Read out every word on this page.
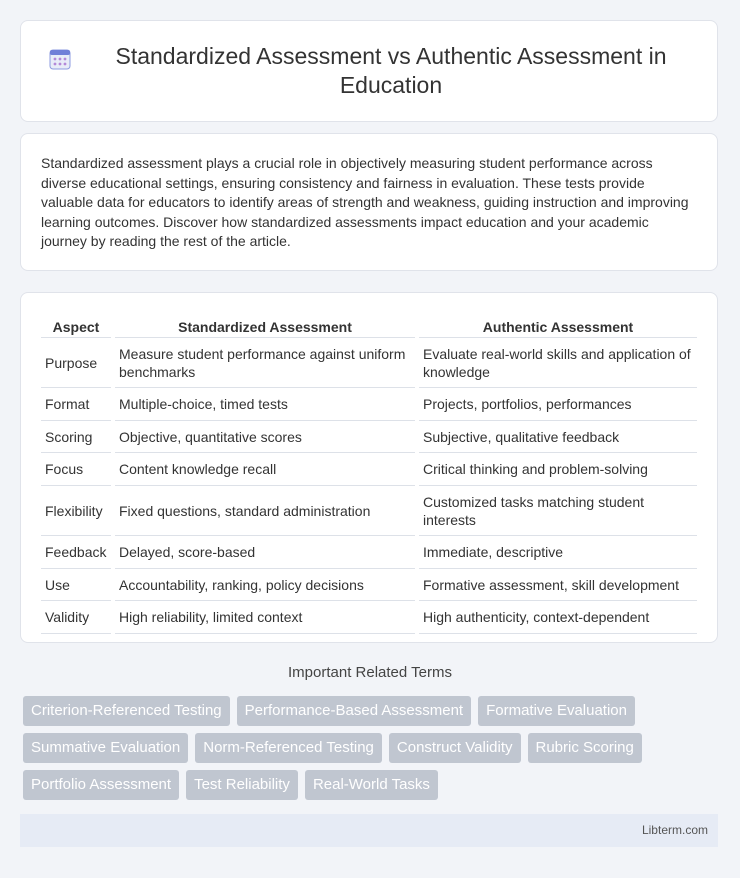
Standardized Assessment vs Authentic Assessment in Education

Standardized assessment plays a crucial role in objectively measuring student performance across diverse educational settings, ensuring consistency and fairness in evaluation. These tests provide valuable data for educators to identify areas of strength and weakness, guiding instruction and improving learning outcomes. Discover how standardized assessments impact education and your academic journey by reading the rest of the article.

Aspect	Standardized Assessment	Authentic Assessment
Purpose	Measure student performance against uniform benchmarks	Evaluate real-world skills and application of knowledge
Format	Multiple-choice, timed tests	Projects, portfolios, performances
Scoring	Objective, quantitative scores	Subjective, qualitative feedback
Focus	Content knowledge recall	Critical thinking and problem-solving
Flexibility	Fixed questions, standard administration	Customized tasks matching student interests
Feedback	Delayed, score-based	Immediate, descriptive
Use	Accountability, ranking, policy decisions	Formative assessment, skill development
Validity	High reliability, limited context	High authenticity, context-dependent
Important Related Terms
Criterion-Referenced Testing	Performance-Based Assessment	Formative Evaluation
Summative Evaluation	Norm-Referenced Testing	Construct Validity	Rubric Scoring
Portfolio Assessment	Test Reliability	Real-World Tasks
Libterm.com
